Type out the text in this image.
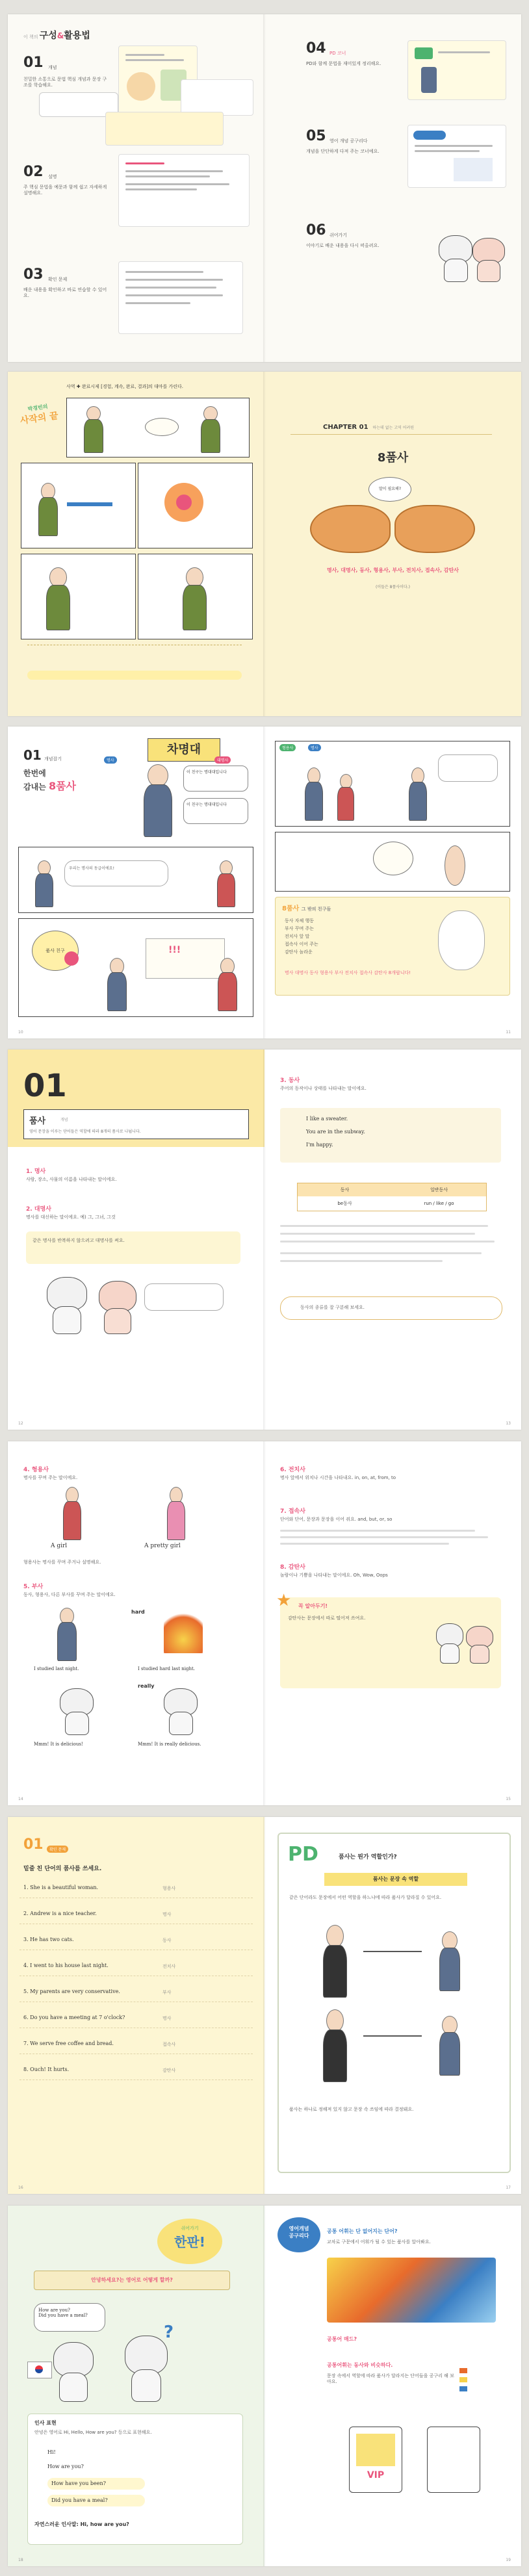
이 책의 구성&활용법
01 개념
친밀한 소통으로 문법 핵심 개념과 문장 구조를 학습해요.
02 설명
주 핵심 문법을 예문과 함께 쉽고 자세하게 설명해요.
03 확인 문제
배운 내용을 확인하고 바로 연습할 수 있어요.
04 PD 코너
PD와 함께 문법을 재미있게 정리해요.
05 영어 개념 공구리다
개념을 단단하게 다져 주는 코너예요.
06 쉬어가기
이야기로 배운 내용을 다시 떠올려요.
사역 ✚ 완료시제 [경험, 계속, 완료, 결과]의 대마를 가린다.
박경빈의
사작의 끝
CHAPTER 01 하는데 없는 고역 어려원
8품사
말이 필요해?
명사, 대명사, 동사, 형용사, 부사, 전치사, 접속사, 감탄사
(이들은 8품사이다.)
01 개념잡기
한번에
감내는 8품사
차명대
명사	대명사
이 친구는 명대대입니다
이 친구는 명대대입니다
우리는 명사의 동급이에요!
품사 친구	!!!
10
형용사	명사
8품사 그 밖의 친구들
동사 자체 행동
부사 꾸며 주는
전치사 앞 말
접속사 이어 주는
감탄사 놀라운
명사 대명사 동사 형용사 부사 전치사 접속사 감탄사 8개랍니다!
11
01
품사	개념
영어 문장을 이루는 단어들은 역할에 따라 8개의 품사로 나뉩니다.
1. 명사
사람, 장소, 사물의 이름을 나타내는 말이에요.
2. 대명사
명사를 대신하는 말이에요. 예) 그, 그녀, 그것
같은 명사를 반복하지 않으려고 대명사를 써요.
12
3. 동사
주어의 동작이나 상태를 나타내는 말이에요.
I like a sweater.
You are in the subway.
I'm happy.
동사	일반동사
be동사	run / like / go
동사의 종류를 잘 구분해 보세요.
13
4. 형용사
명사를 꾸며 주는 말이에요.
A girl	A pretty girl
형용사는 명사를 꾸며 주거나 설명해요.
5. 부사
동사, 형용사, 다른 부사를 꾸며 주는 말이에요.
hard
I studied last night.	I studied hard last night.
really
Mmm! It is delicious!	Mmm! It is really delicious.
14
6. 전치사
명사 앞에서 위치나 시간을 나타내요. in, on, at, from, to
7. 접속사
단어와 단어, 문장과 문장을 이어 줘요. and, but, or, so
8. 감탄사
놀람이나 기쁨을 나타내는 말이에요. Oh, Wow, Oops
★ 꼭 알아두기!
감탄사는 문장에서 따로 떨어져 쓰여요.
15
01	확인 문제
밑줄 친 단어의 품사를 쓰세요.
1. She is a beautiful woman.	형용사
2. Andrew is a nice teacher.	명사
3. He has two cats.	동사
4. I went to his house last night.	전치사
5. My parents are very conservative.	부사
6. Do you have a meeting at 7 o'clock?	명사
7. We serve free coffee and bread.	접속사
8. Ouch! It hurts.	감탄사
16
PD	품사는 뭔가 역할인가?
품사는 문장 속 역할
같은 단어라도 문장에서 어떤 역할을 하느냐에 따라 품사가 달라질 수 있어요.
품사는 하나로 정해져 있지 않고 문장 속 쓰임에 따라 결정돼요.
17
쉬어가기
한판!
안녕하세요?는 영어로 어떻게 할까?
How are you?
Did you have a meal?
?
인사 표현
안녕은 영어로 Hi, Hello, How are you? 등으로 표현해요.
Hi!
How are you?
How have you been?
Did you have a meal?
자연스러운 인사말: Hi, how are you?
18
영어개념
공구리다
공통 어휘는 단 없어지는 단어?
교차로 구문에서 어휘가 될 수 있는 품사를 알아봐요.
공통어 매드?
공통어휘는 동사와 비슷하다.
문장 속에서 역할에 따라 품사가 달라지는 단어들을 공구리 해 보아요.
VIP
19
